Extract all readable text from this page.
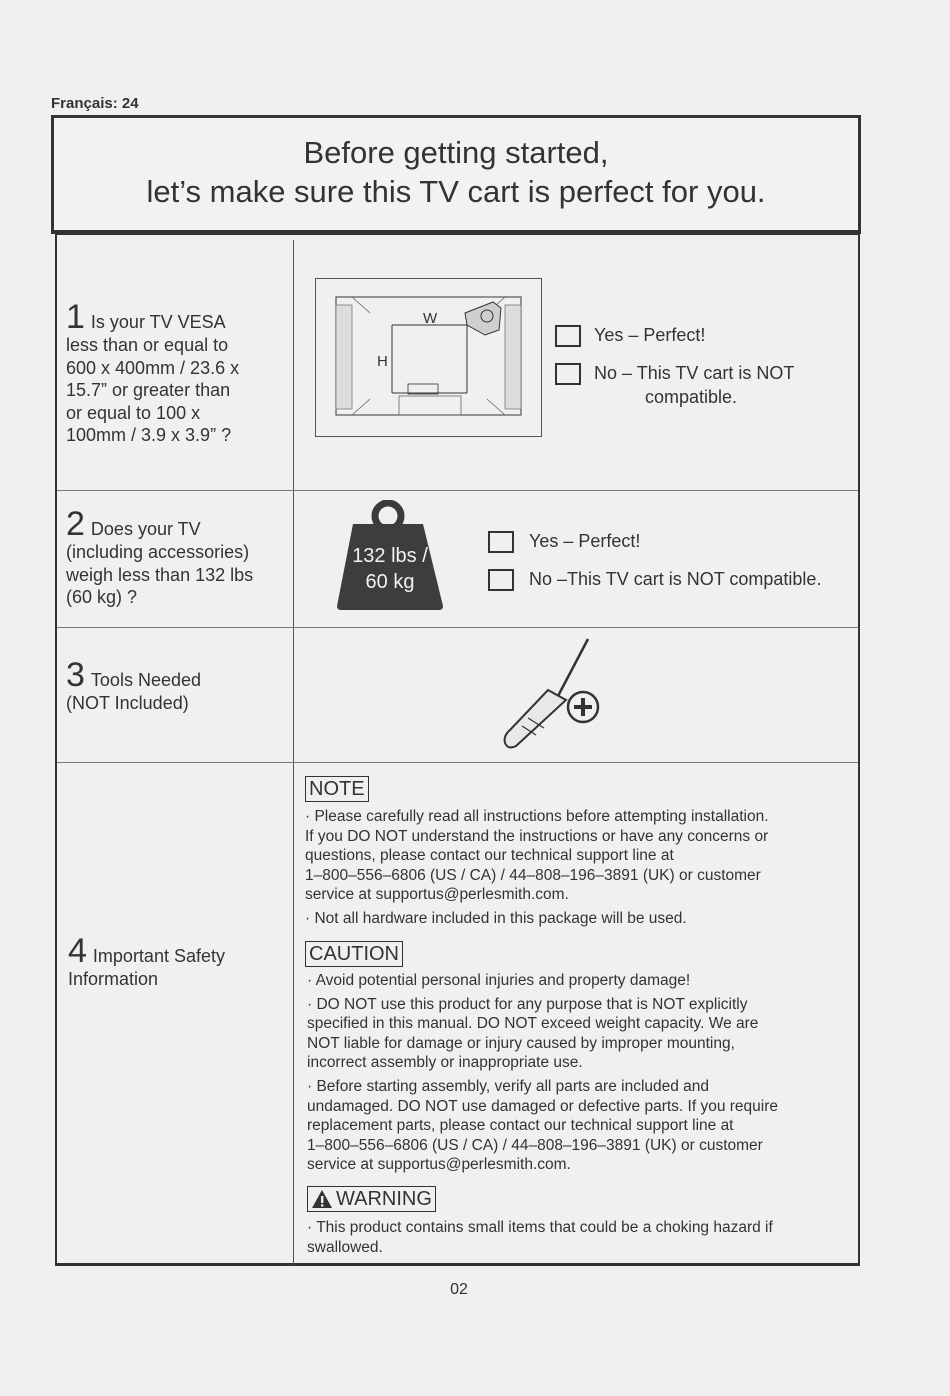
Français: 24
Before getting started,
let’s make sure this TV cart is perfect for you.
1 Is your TV VESA
less than or equal to
600 x 400mm / 23.6 x
15.7” or greater than
or equal to 100 x
100mm / 3.9 x 3.9” ?
W
H
Yes – Perfect!
No – This TV cart is NOT
compatible.
2 Does your TV
(including accessories)
weigh less than 132 lbs
(60 kg) ?
132 lbs /
60 kg
Yes – Perfect!
No –This TV cart is NOT compatible.
3 Tools Needed
(NOT Included)
4 Important Safety
Information
NOTE
· Please carefully read all instructions before attempting installation.
If you DO NOT understand the instructions or have any concerns or
questions, please contact our technical support line at
1–800–556–6806 (US / CA) / 44–808–196–3891 (UK) or customer
service at supportus@perlesmith.com.
· Not all hardware included in this package will be used.
CAUTION
· Avoid potential personal injuries and property damage!
· DO NOT use this product for any purpose that is NOT explicitly
specified in this manual. DO NOT exceed weight capacity. We are
NOT liable for damage or injury caused by improper mounting,
incorrect assembly or inappropriate use.
· Before starting assembly, verify all parts are included and
undamaged. DO NOT use damaged or defective parts. If you require
replacement parts, please contact our technical support line at
1–800–556–6806 (US / CA) / 44–808–196–3891 (UK) or customer
service at supportus@perlesmith.com.
WARNING
· This product contains small items that could be a choking hazard if
swallowed.
02
